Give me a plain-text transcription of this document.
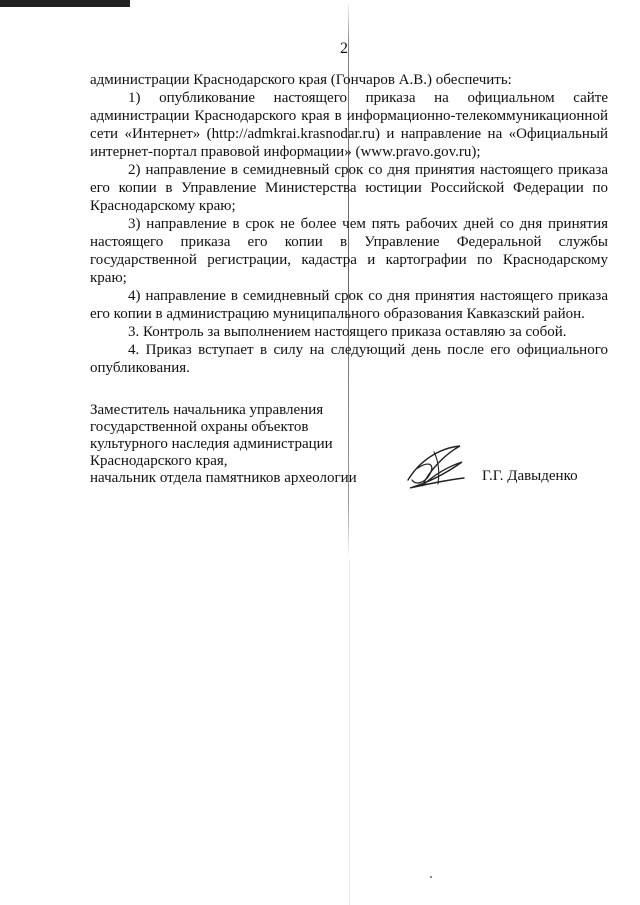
2
администрации Краснодарского края (Гончаров А.В.) обеспечить:
1) опубликование настоящего приказа на официальном сайте
администрации Краснодарского края в информационно-телекоммуникационной
сети «Интернет» (http://admkrai.krasnodar.ru) и направление на «Официальный
интернет-портал правовой информации» (www.pravo.gov.ru);
2) направление в семидневный срок со дня принятия настоящего приказа
его копии в Управление Министерства юстиции Российской Федерации по
Краснодарскому краю;
3) направление в срок не более чем пять рабочих дней со дня принятия
настоящего приказа его копии в Управление Федеральной службы
государственной регистрации, кадастра и картографии по Краснодарскому
краю;
4) направление в семидневный срок со дня принятия настоящего приказа
его копии в администрацию муниципального образования Кавказский район.
3. Контроль за выполнением настоящего приказа оставляю за собой.
4. Приказ вступает в силу на следующий день после его официального
опубликования.
Заместитель начальника управления
государственной охраны объектов
культурного наследия администрации
Краснодарского края,
начальник отдела памятников археологии	Г.Г. Давыденко
